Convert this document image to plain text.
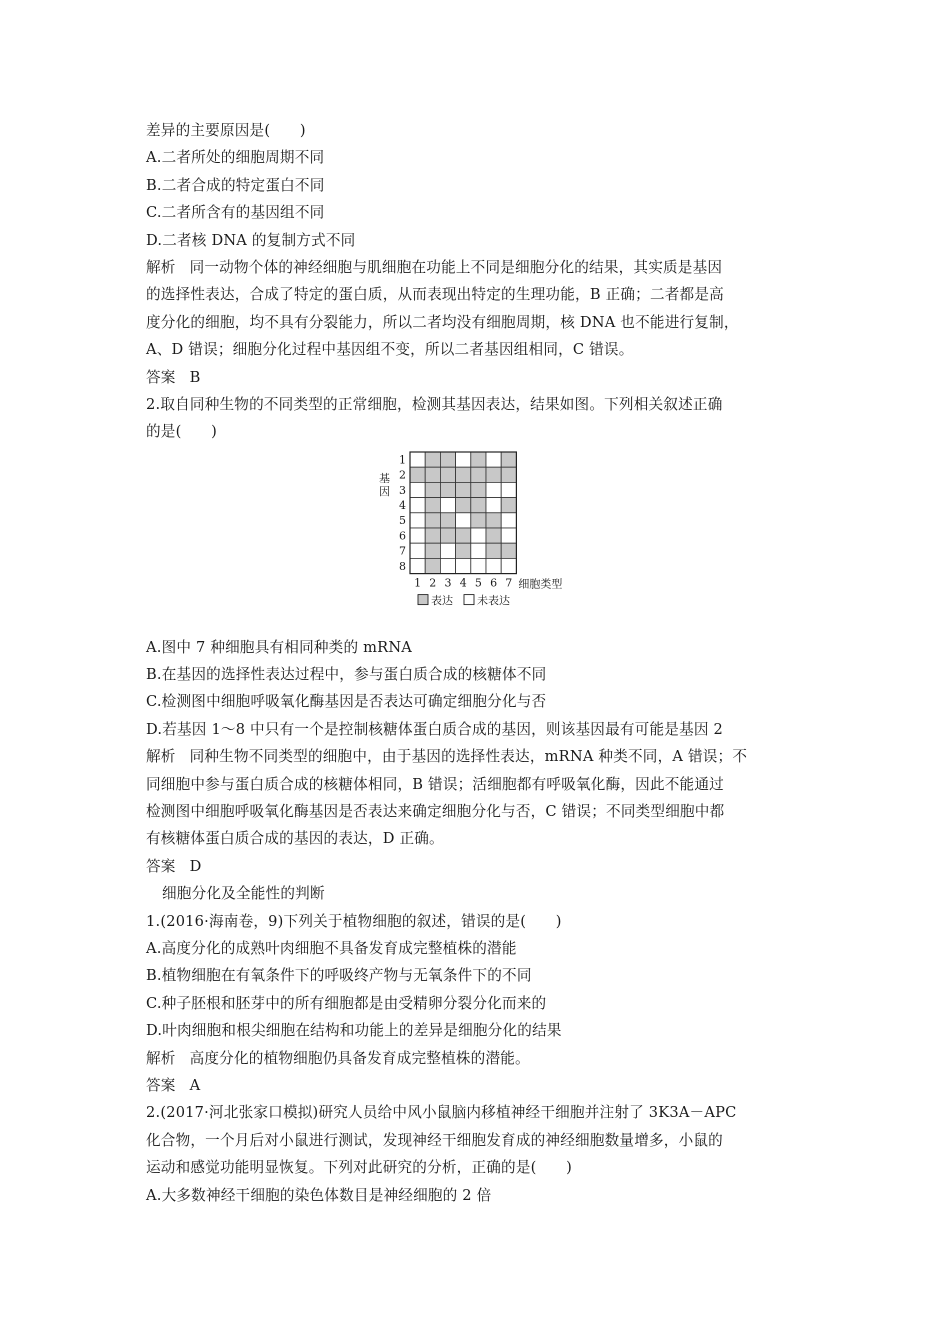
差异的主要原因是(　　)
A.二者所处的细胞周期不同
B.二者合成的特定蛋白不同
C.二者所含有的基因组不同
D.二者核 DNA 的复制方式不同
解析 同一动物个体的神经细胞与肌细胞在功能上不同是细胞分化的结果，其实质是基因
的选择性表达，合成了特定的蛋白质，从而表现出特定的生理功能，B 正确；二者都是高
度分化的细胞，均不具有分裂能力，所以二者均没有细胞周期，核 DNA 也不能进行复制，
A、D 错误；细胞分化过程中基因组不变，所以二者基因组相同，C 错误。
答案 B
2.取自同种生物的不同类型的正常细胞，检测其基因表达，结果如图。下列相关叙述正确
的是(　　)
1
2
3
4
5
6
7
8
1 2 3 4 5 6 7 细胞类型
基
因
表达 未表达
A.图中 7 种细胞具有相同种类的 mRNA
B.在基因的选择性表达过程中，参与蛋白质合成的核糖体不同
C.检测图中细胞呼吸氧化酶基因是否表达可确定细胞分化与否
D.若基因 1～8 中只有一个是控制核糖体蛋白质合成的基因，则该基因最有可能是基因 2
解析 同种生物不同类型的细胞中，由于基因的选择性表达，mRNA 种类不同，A 错误；不
同细胞中参与蛋白质合成的核糖体相同，B 错误；活细胞都有呼吸氧化酶，因此不能通过
检测图中细胞呼吸氧化酶基因是否表达来确定细胞分化与否，C 错误；不同类型细胞中都
有核糖体蛋白质合成的基因的表达，D 正确。
答案 D
细胞分化及全能性的判断
1.(2016·海南卷，9)下列关于植物细胞的叙述，错误的是(　　)
A.高度分化的成熟叶肉细胞不具备发育成完整植株的潜能
B.植物细胞在有氧条件下的呼吸终产物与无氧条件下的不同
C.种子胚根和胚芽中的所有细胞都是由受精卵分裂分化而来的
D.叶肉细胞和根尖细胞在结构和功能上的差异是细胞分化的结果
解析 高度分化的植物细胞仍具备发育成完整植株的潜能。
答案 A
2.(2017·河北张家口模拟)研究人员给中风小鼠脑内移植神经干细胞并注射了 3K3A－APC
化合物，一个月后对小鼠进行测试，发现神经干细胞发育成的神经细胞数量增多，小鼠的
运动和感觉功能明显恢复。下列对此研究的分析，正确的是(　　)
A.大多数神经干细胞的染色体数目是神经细胞的 2 倍
